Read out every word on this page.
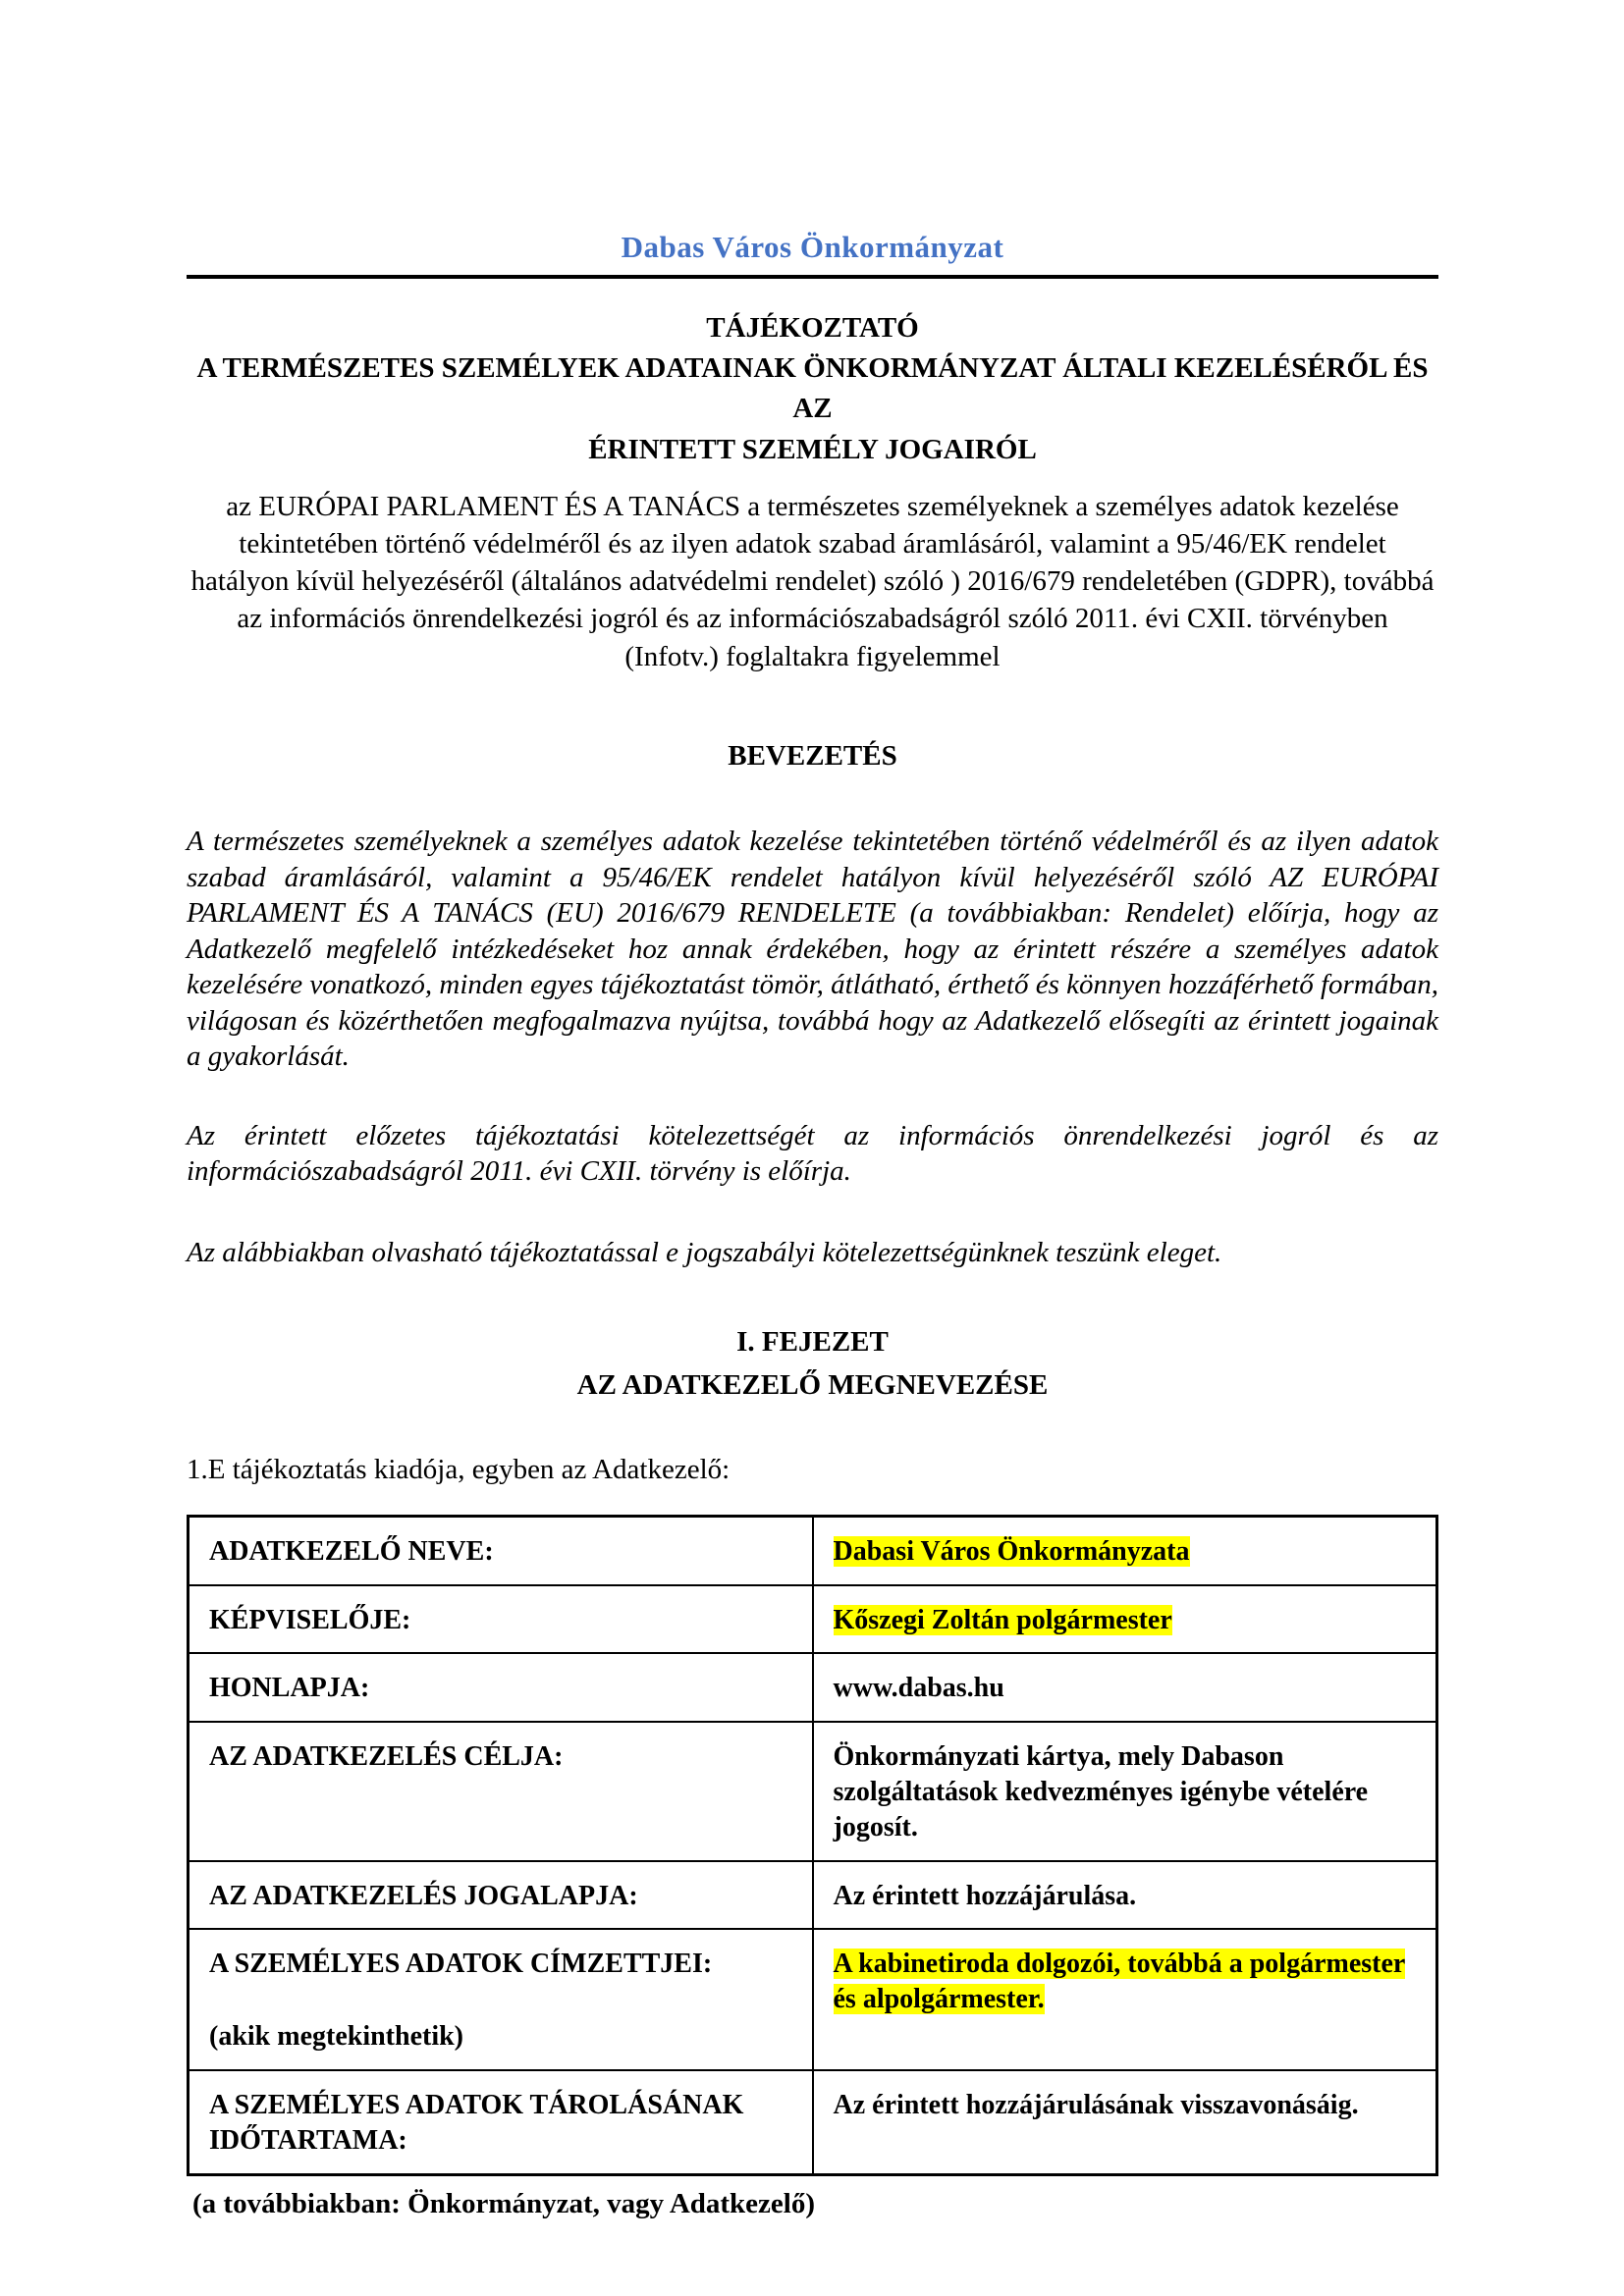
Dabas Város Önkormányzat
TÁJÉKOZTATÓ
A TERMÉSZETES SZEMÉLYEK ADATAINAK ÖNKORMÁNYZAT ÁLTALI KEZELÉSÉRŐL ÉS AZ
ÉRINTETT SZEMÉLY JOGAIRÓL

az EURÓPAI PARLAMENT ÉS A TANÁCS a természetes személyeknek a személyes adatok kezelése tekintetében történő védelméről és az ilyen adatok szabad áramlásáról, valamint a 95/46/EK rendelet hatályon kívül helyezéséről (általános adatvédelmi rendelet) szóló ) 2016/679 rendeletében (GDPR), továbbá az információs önrendelkezési jogról és az információszabadságról szóló 2011. évi CXII. törvényben (Infotv.) foglaltakra figyelemmel

BEVEZETÉS

A természetes személyeknek a személyes adatok kezelése tekintetében történő védelméről és az ilyen adatok szabad áramlásáról, valamint a 95/46/EK rendelet hatályon kívül helyezéséről szóló AZ EURÓPAI PARLAMENT ÉS A TANÁCS (EU) 2016/679 RENDELETE (a továbbiakban: Rendelet) előírja, hogy az Adatkezelő megfelelő intézkedéseket hoz annak érdekében, hogy az érintett részére a személyes adatok kezelésére vonatkozó, minden egyes tájékoztatást tömör, átlátható, érthető és könnyen hozzáférhető formában, világosan és közérthetően megfogalmazva nyújtsa, továbbá hogy az Adatkezelő elősegíti az érintett jogainak a gyakorlását.

Az érintett előzetes tájékoztatási kötelezettségét az információs önrendelkezési jogról és az információszabadságról 2011. évi CXII. törvény is előírja.

Az alábbiakban olvasható tájékoztatással e jogszabályi kötelezettségünknek teszünk eleget.

I. FEJEZET
AZ ADATKEZELŐ MEGNEVEZÉSE

1.E tájékoztatás kiadója, egyben az Adatkezelő:

ADATKEZELŐ NEVE:	Dabasi Város Önkormányzata
KÉPVISELŐJE:	Kőszegi Zoltán polgármester
HONLAPJA:	www.dabas.hu
AZ ADATKEZELÉS CÉLJA:	Önkormányzati kártya, mely Dabason szolgáltatások kedvezményes igénybe vételére jogosít.
AZ ADATKEZELÉS JOGALAPJA:	Az érintett hozzájárulása.

A SZEMÉLYES ADATOK CÍMZETTJEI:
(akik megtekinthetik)	A kabinetiroda dolgozói, továbbá a polgármester és alpolgármester.
A SZEMÉLYES ADATOK TÁROLÁSÁNAK IDŐTARTAMA:	Az érintett hozzájárulásának visszavonásáig.

(a továbbiakban: Önkormányzat, vagy Adatkezelő)
